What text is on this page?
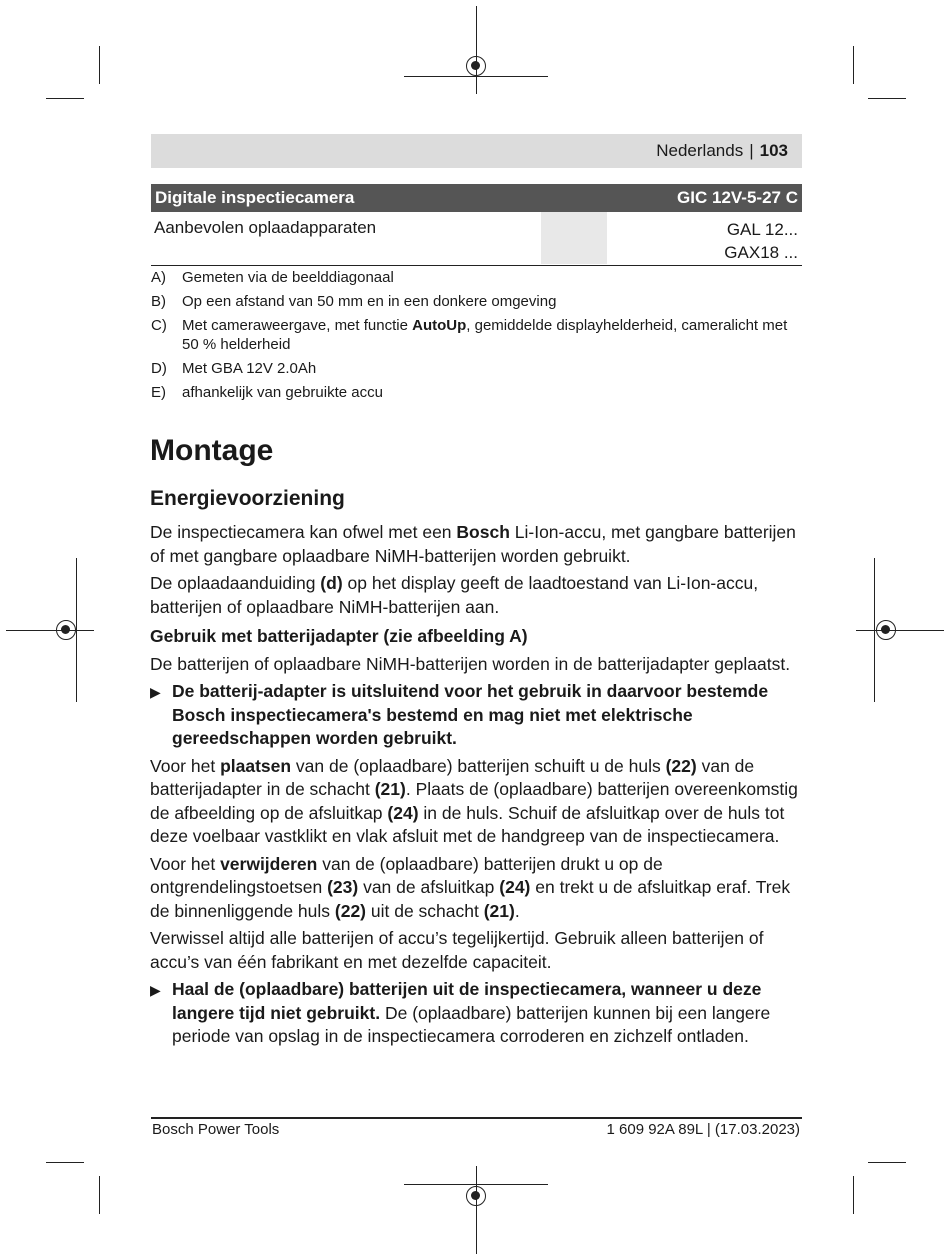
Nederlands | 103
Digitale inspectiecamera	GIC 12V-5-27 C
Aanbevolen oplaadapparaten	GAL 12...
GAX18 ...
A)	Gemeten via de beelddiagonaal
B)	Op een afstand van 50 mm en in een donkere omgeving
C)	Met cameraweergave, met functie AutoUp, gemiddelde displayhelderheid, cameralicht met 50 % helderheid
D)	Met GBA 12V 2.0Ah
E)	afhankelijk van gebruikte accu
Montage
Energievoorziening

De inspectiecamera kan ofwel met een Bosch Li-Ion-accu, met gangbare batterijen of met gangbare oplaadbare NiMH-batterijen worden gebruikt.

De oplaadaanduiding (d) op het display geeft de laadtoestand van Li-Ion-accu, batterijen of oplaadbare NiMH-batterijen aan.

Gebruik met batterijadapter (zie afbeelding A)

De batterijen of oplaadbare NiMH-batterijen worden in de batterijadapter geplaatst.

▶ De batterij-adapter is uitsluitend voor het gebruik in daarvoor bestemde Bosch inspectiecamera's bestemd en mag niet met elektrische gereedschappen worden gebruikt.

Voor het plaatsen van de (oplaadbare) batterijen schuift u de huls (22) van de batterijadapter in de schacht (21). Plaats de (oplaadbare) batterijen overeenkomstig de afbeelding op de afsluitkap (24) in de huls. Schuif de afsluitkap over de huls tot deze voelbaar vastklikt en vlak afsluit met de handgreep van de inspectiecamera.

Voor het verwijderen van de (oplaadbare) batterijen drukt u op de ontgrendelingstoetsen (23) van de afsluitkap (24) en trekt u de afsluitkap eraf. Trek de binnenliggende huls (22) uit de schacht (21).

Verwissel altijd alle batterijen of accu’s tegelijkertijd. Gebruik alleen batterijen of accu’s van één fabrikant en met dezelfde capaciteit.

▶ Haal de (oplaadbare) batterijen uit de inspectiecamera, wanneer u deze langere tijd niet gebruikt. De (oplaadbare) batterijen kunnen bij een langere periode van opslag in de inspectiecamera corroderen en zichzelf ontladen.
Bosch Power Tools	1 609 92A 89L | (17.03.2023)
